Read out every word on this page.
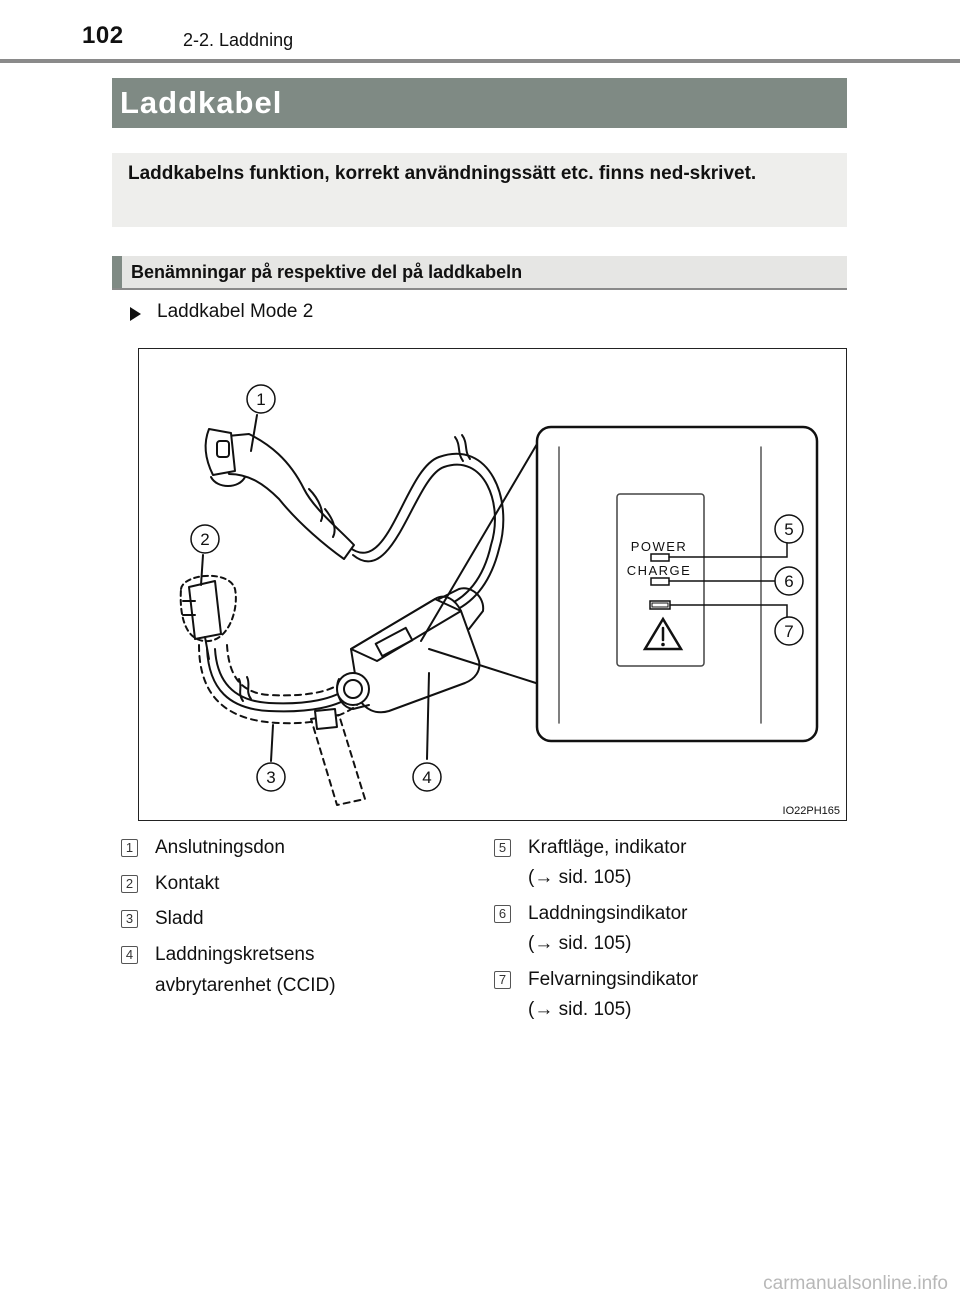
102	2-2. Laddning
Laddkabel

Laddkabelns funktion, korrekt användningssätt etc. finns ned-skrivet.

Benämningar på respektive del på laddkabeln
Laddkabel Mode 2
POWER
CHARGE
1
2
3	4
5
6
7
IO22PH165
1 Anslutningsdon
2 Kontakt
3 Sladd
4 Laddningskretsens
avbrytarenhet (CCID)
5 Kraftläge, indikator
(→ sid. 105)
6 Laddningsindikator
(→ sid. 105)
7 Felvarningsindikator
(→ sid. 105)
carmanualsonline.info
